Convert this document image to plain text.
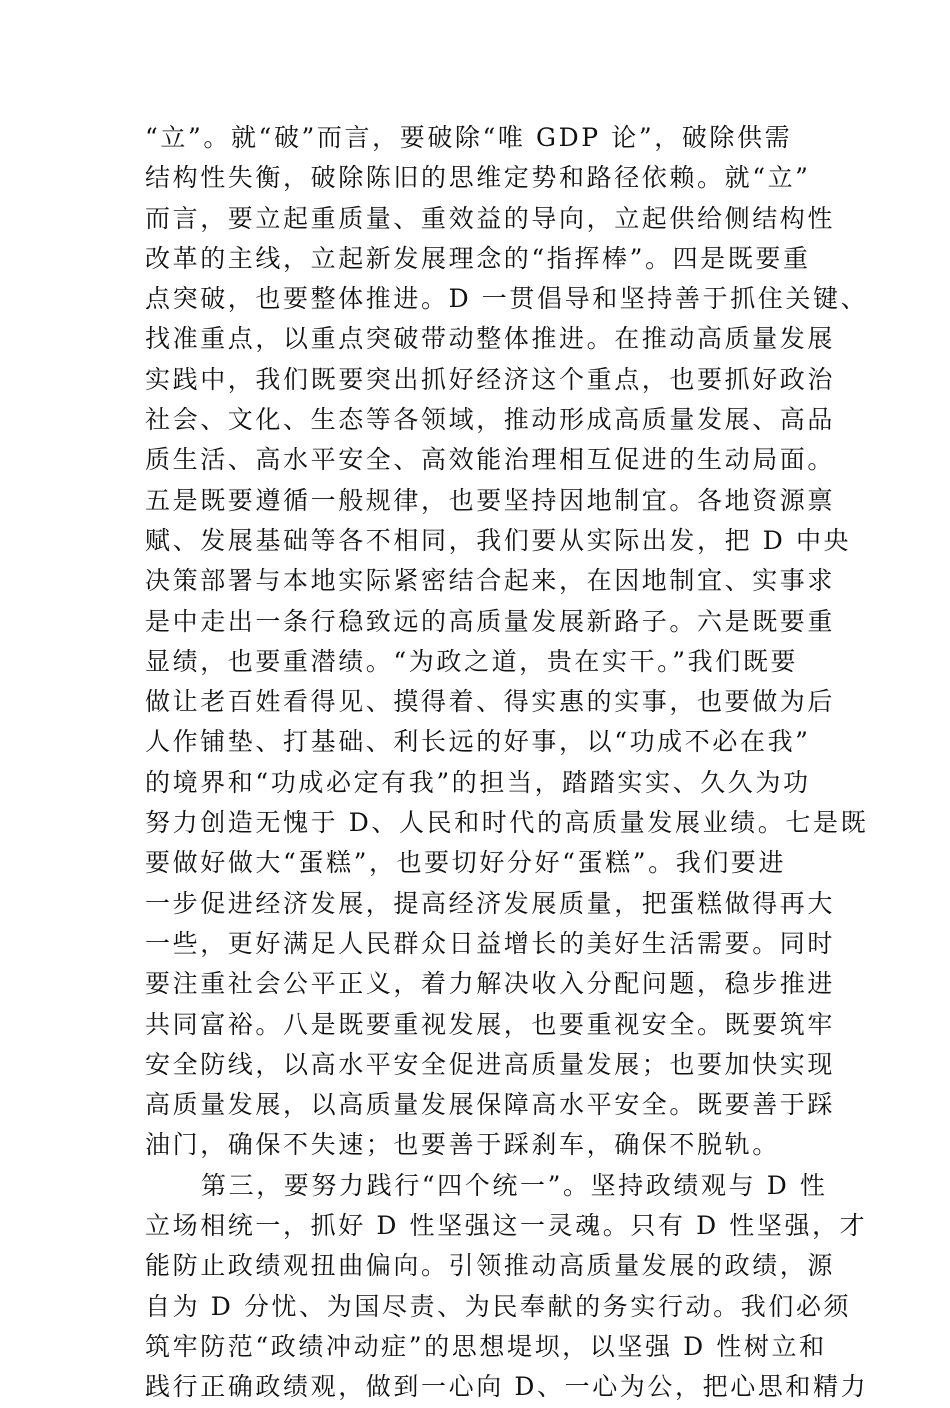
“立”。就“破”而言，要破除“唯 GDP 论”，破除供需
结构性失衡，破除陈旧的思维定势和路径依赖。就“立”
而言，要立起重质量、重效益的导向，立起供给侧结构性
改革的主线，立起新发展理念的“指挥棒”。四是既要重
点突破，也要整体推进。D 一贯倡导和坚持善于抓住关键、
找准重点，以重点突破带动整体推进。在推动高质量发展
实践中，我们既要突出抓好经济这个重点，也要抓好政治
社会、文化、生态等各领域，推动形成高质量发展、高品
质生活、高水平安全、高效能治理相互促进的生动局面。
五是既要遵循一般规律，也要坚持因地制宜。各地资源禀
赋、发展基础等各不相同，我们要从实际出发，把 D 中央
决策部署与本地实际紧密结合起来，在因地制宜、实事求
是中走出一条行稳致远的高质量发展新路子。六是既要重
显绩，也要重潜绩。“为政之道，贵在实干。”我们既要
做让老百姓看得见、摸得着、得实惠的实事，也要做为后
人作铺垫、打基础、利长远的好事，以“功成不必在我”
的境界和“功成必定有我”的担当，踏踏实实、久久为功
努力创造无愧于 D、人民和时代的高质量发展业绩。七是既
要做好做大“蛋糕”，也要切好分好“蛋糕”。我们要进
一步促进经济发展，提高经济发展质量，把蛋糕做得再大
一些，更好满足人民群众日益增长的美好生活需要。同时
要注重社会公平正义，着力解决收入分配问题，稳步推进
共同富裕。八是既要重视发展，也要重视安全。既要筑牢
安全防线，以高水平安全促进高质量发展；也要加快实现
高质量发展，以高质量发展保障高水平安全。既要善于踩
油门，确保不失速；也要善于踩刹车，确保不脱轨。
第三，要努力践行“四个统一”。坚持政绩观与 D 性
立场相统一，抓好 D 性坚强这一灵魂。只有 D 性坚强，才
能防止政绩观扭曲偏向。引领推动高质量发展的政绩，源
自为 D 分忧、为国尽责、为民奉献的务实行动。我们必须
筑牢防范“政绩冲动症”的思想堤坝，以坚强 D 性树立和
践行正确政绩观，做到一心向 D、一心为公，把心思和精力
